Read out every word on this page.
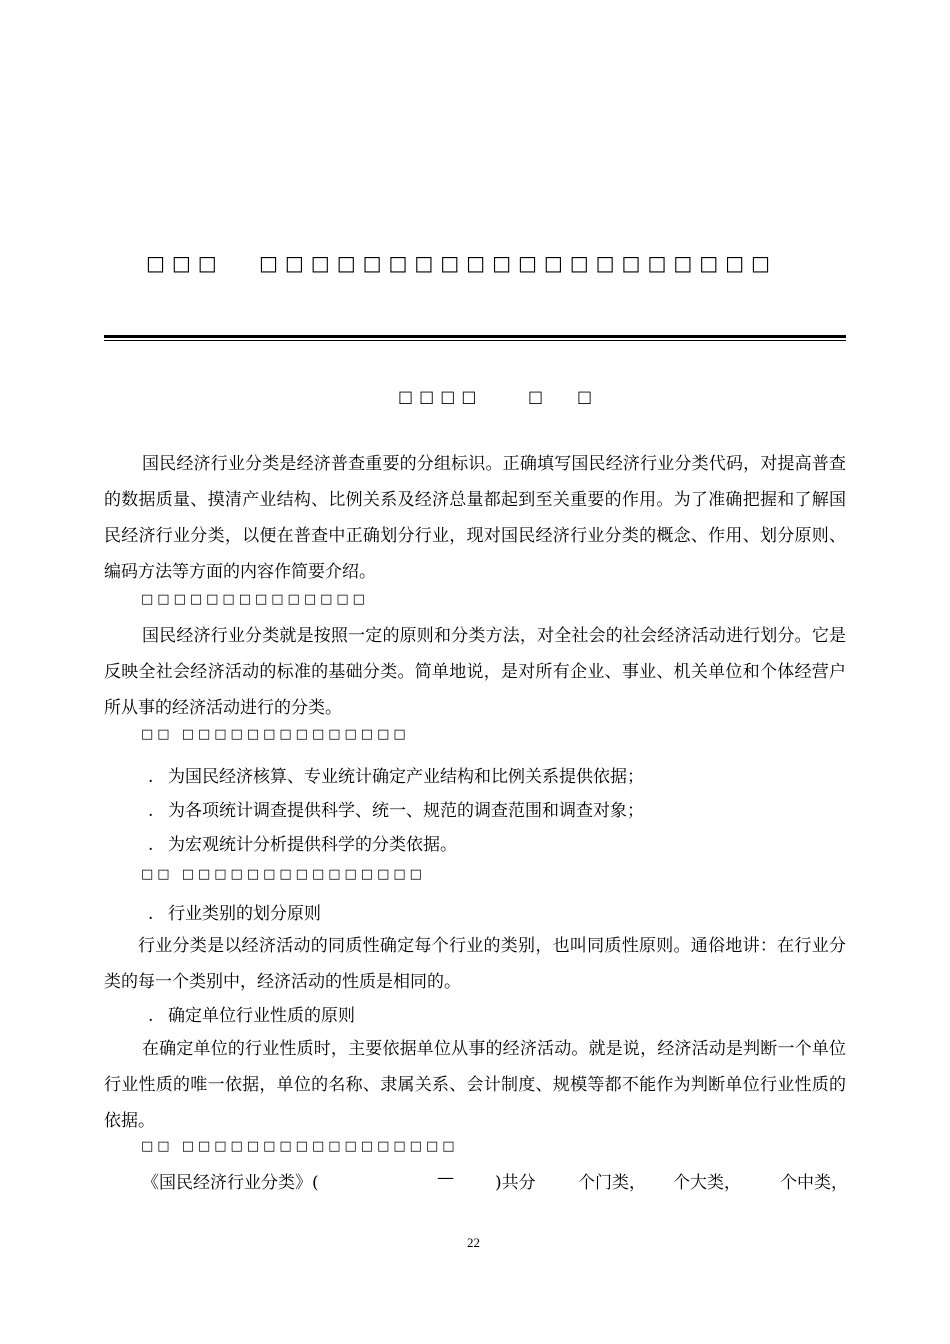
□□□ □□□□□□□□□□□□□□□□□□□□
□□□□	□ □

国民经济行业分类是经济普查重要的分组标识。正确填写国民经济行业分类代码，对提高普查的数据质量、摸清产业结构、比例关系及经济总量都起到至关重要的作用。为了准确把握和了解国民经济行业分类，以便在普查中正确划分行业，现对国民经济行业分类的概念、作用、划分原则、编码方法等方面的内容作简要介绍。

□□□□□□□□□□□□□□

国民经济行业分类就是按照一定的原则和分类方法，对全社会的社会经济活动进行划分。它是反映全社会经济活动的标准的基础分类。简单地说，是对所有企业、事业、机关单位和个体经营户所从事的经济活动进行的分类。

□□ □□□□□□□□□□□□□□
. 为国民经济核算、专业统计确定产业结构和比例关系提供依据；
. 为各项统计调查提供科学、统一、规范的调查范围和调查对象；
. 为宏观统计分析提供科学的分类依据。
□□ □□□□□□□□□□□□□□□
. 行业类别的划分原则

行业分类是以经济活动的同质性确定每个行业的类别，也叫同质性原则。通俗地讲：在行业分类的每一个类别中，经济活动的性质是相同的。

. 确定单位行业性质的原则

在确定单位的行业性质时，主要依据单位从事的经济活动。就是说，经济活动是判断一个单位行业性质的唯一依据，单位的名称、隶属关系、会计制度、规模等都不能作为判断单位行业性质的依据。

□□ □□□□□□□□□□□□□□□□□
《国民经济行业分类》(	— )共分 个门类， 个大类， 个中类，
22
